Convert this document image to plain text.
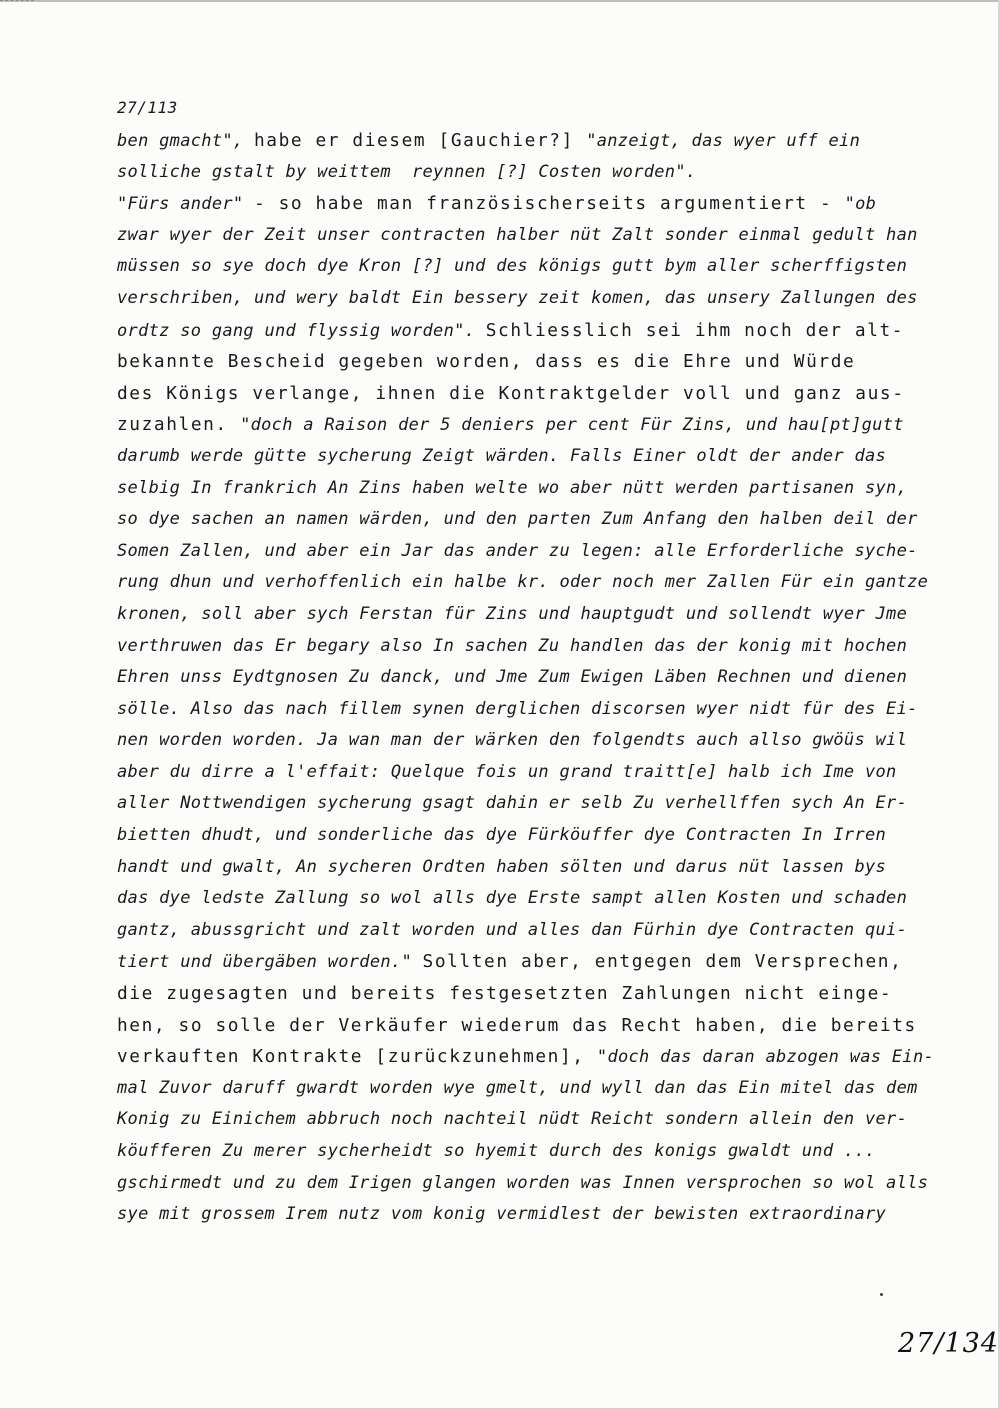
27/113
ben gmacht", habe er diesem [Gauchier?] "anzeigt, das wyer uff ein
solliche gstalt by weittem  reynnen [?] Costen worden".
"Fürs ander" - so habe man französischerseits argumentiert - "ob
zwar wyer der Zeit unser contracten halber nüt Zalt sonder einmal gedult han
müssen so sye doch dye Kron [?] und des königs gutt bym aller scherffigsten
verschriben, und wery baldt Ein bessery zeit komen, das unsery Zallungen des
ordtz so gang und flyssig worden". Schliesslich sei ihm noch der alt-
bekannte Bescheid gegeben worden, dass es die Ehre und Würde
des Königs verlange, ihnen die Kontraktgelder voll und ganz aus-
zuzahlen. "doch a Raison der 5 deniers per cent Für Zins, und hau[pt]gutt
darumb werde gütte sycherung Zeigt wärden. Falls Einer oldt der ander das
selbig In frankrich An Zins haben welte wo aber nütt werden partisanen syn,
so dye sachen an namen wärden, und den parten Zum Anfang den halben deil der
Somen Zallen, und aber ein Jar das ander zu legen: alle Erforderliche syche-
rung dhun und verhoffenlich ein halbe kr. oder noch mer Zallen Für ein gantze
kronen, soll aber sych Ferstan für Zins und hauptgudt und sollendt wyer Jme
verthruwen das Er begary also In sachen Zu handlen das der konig mit hochen
Ehren unss Eydtgnosen Zu danck, und Jme Zum Ewigen Läben Rechnen und dienen
sölle. Also das nach fillem synen derglichen discorsen wyer nidt für des Ei-
nen worden worden. Ja wan man der wärken den folgendts auch allso gwöüs wil
aber du dirre a l'effait: Quelque fois un grand traitt[e] halb ich Ime von
aller Nottwendigen sycherung gsagt dahin er selb Zu verhellffen sych An Er-
bietten dhudt, und sonderliche das dye Fürköuffer dye Contracten In Irren
handt und gwalt, An sycheren Ordten haben sölten und darus nüt lassen bys
das dye ledste Zallung so wol alls dye Erste sampt allen Kosten und schaden
gantz, abussgricht und zalt worden und alles dan Fürhin dye Contracten qui-
tiert und übergäben worden." Sollten aber, entgegen dem Versprechen,
die zugesagten und bereits festgesetzten Zahlungen nicht einge-
hen, so solle der Verkäufer wiederum das Recht haben, die bereits
verkauften Kontrakte [zurückzunehmen], "doch das daran abzogen was Ein-
mal Zuvor daruff gwardt worden wye gmelt, und wyll dan das Ein mitel das dem
Konig zu Einichem abbruch noch nachteil nüdt Reicht sondern allein den ver-
köufferen Zu merer sycherheidt so hyemit durch des konigs gwaldt und ...
gschirmedt und zu dem Irigen glangen worden was Innen versprochen so wol alls
sye mit grossem Irem nutz vom konig vermidlest der bewisten extraordinary
27/134
